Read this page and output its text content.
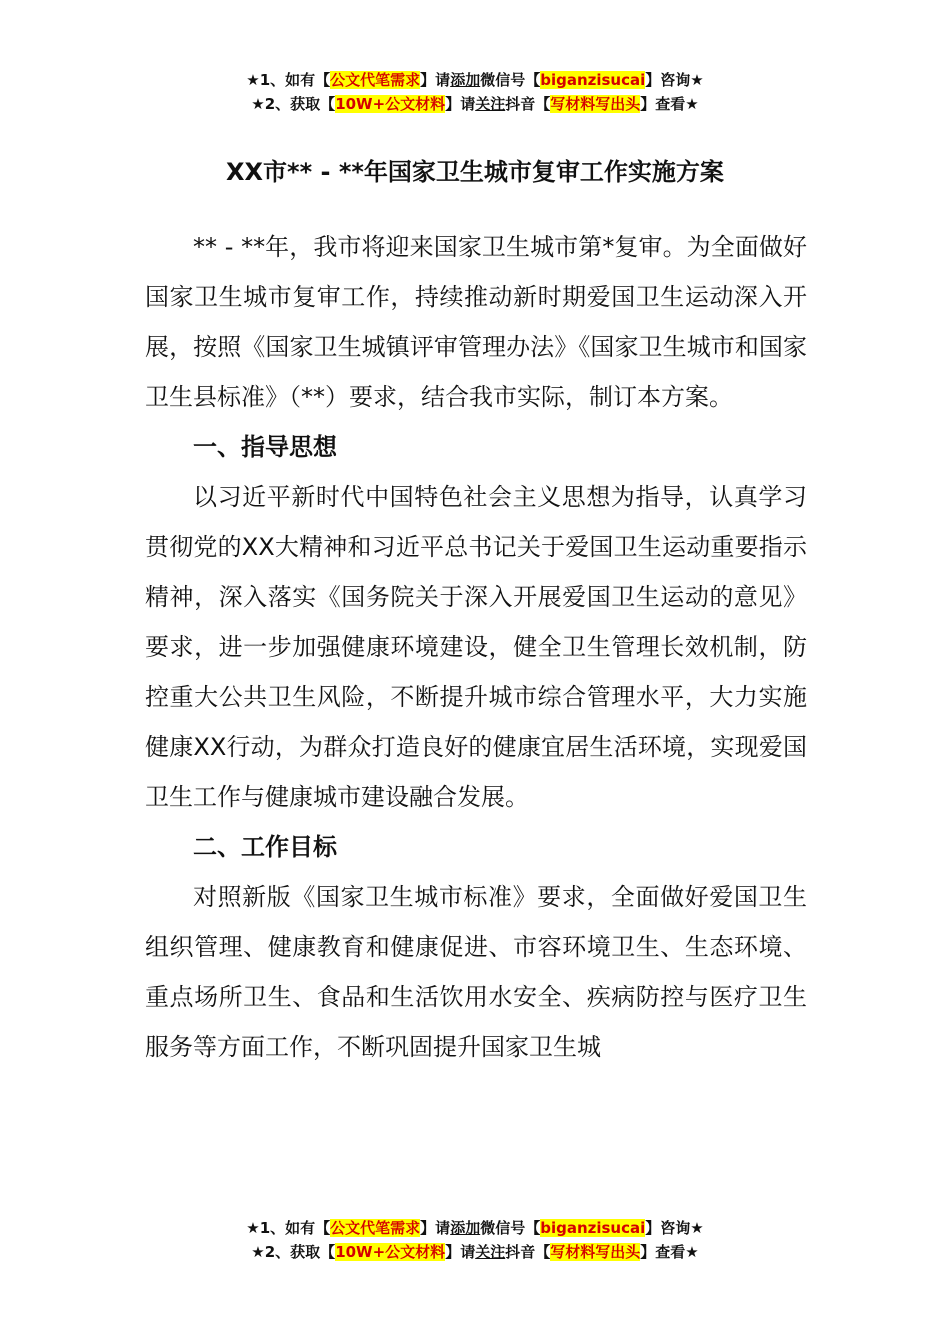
★1、如有【公文代笔需求】请添加微信号【biganzisucai】咨询★
★2、获取【10W+公文材料】请关注抖音【写材料写出头】查看★
XX市** - **年国家卫生城市复审工作实施方案

** - **年，我市将迎来国家卫生城市第*复审。为全面做好国家卫生城市复审工作，持续推动新时期爱国卫生运动深入开展，按照《国家卫生城镇评审管理办法》《国家卫生城市和国家卫生县标准》（**）要求，结合我市实际，制订本方案。

一、指导思想

以习近平新时代中国特色社会主义思想为指导，认真学习贯彻党的XX大精神和习近平总书记关于爱国卫生运动重要指示精神，深入落实《国务院关于深入开展爱国卫生运动的意见》要求，进一步加强健康环境建设，健全卫生管理长效机制，防控重大公共卫生风险，不断提升城市综合管理水平，大力实施健康XX行动，为群众打造良好的健康宜居生活环境，实现爱国卫生工作与健康城市建设融合发展。

二、工作目标

对照新版《国家卫生城市标准》要求，全面做好爱国卫生组织管理、健康教育和健康促进、市容环境卫生、生态环境、重点场所卫生、食品和生活饮用水安全、疾病防控与医疗卫生服务等方面工作，不断巩固提升国家卫生城

★1、如有【公文代笔需求】请添加微信号【biganzisucai】咨询★
★2、获取【10W+公文材料】请关注抖音【写材料写出头】查看★
